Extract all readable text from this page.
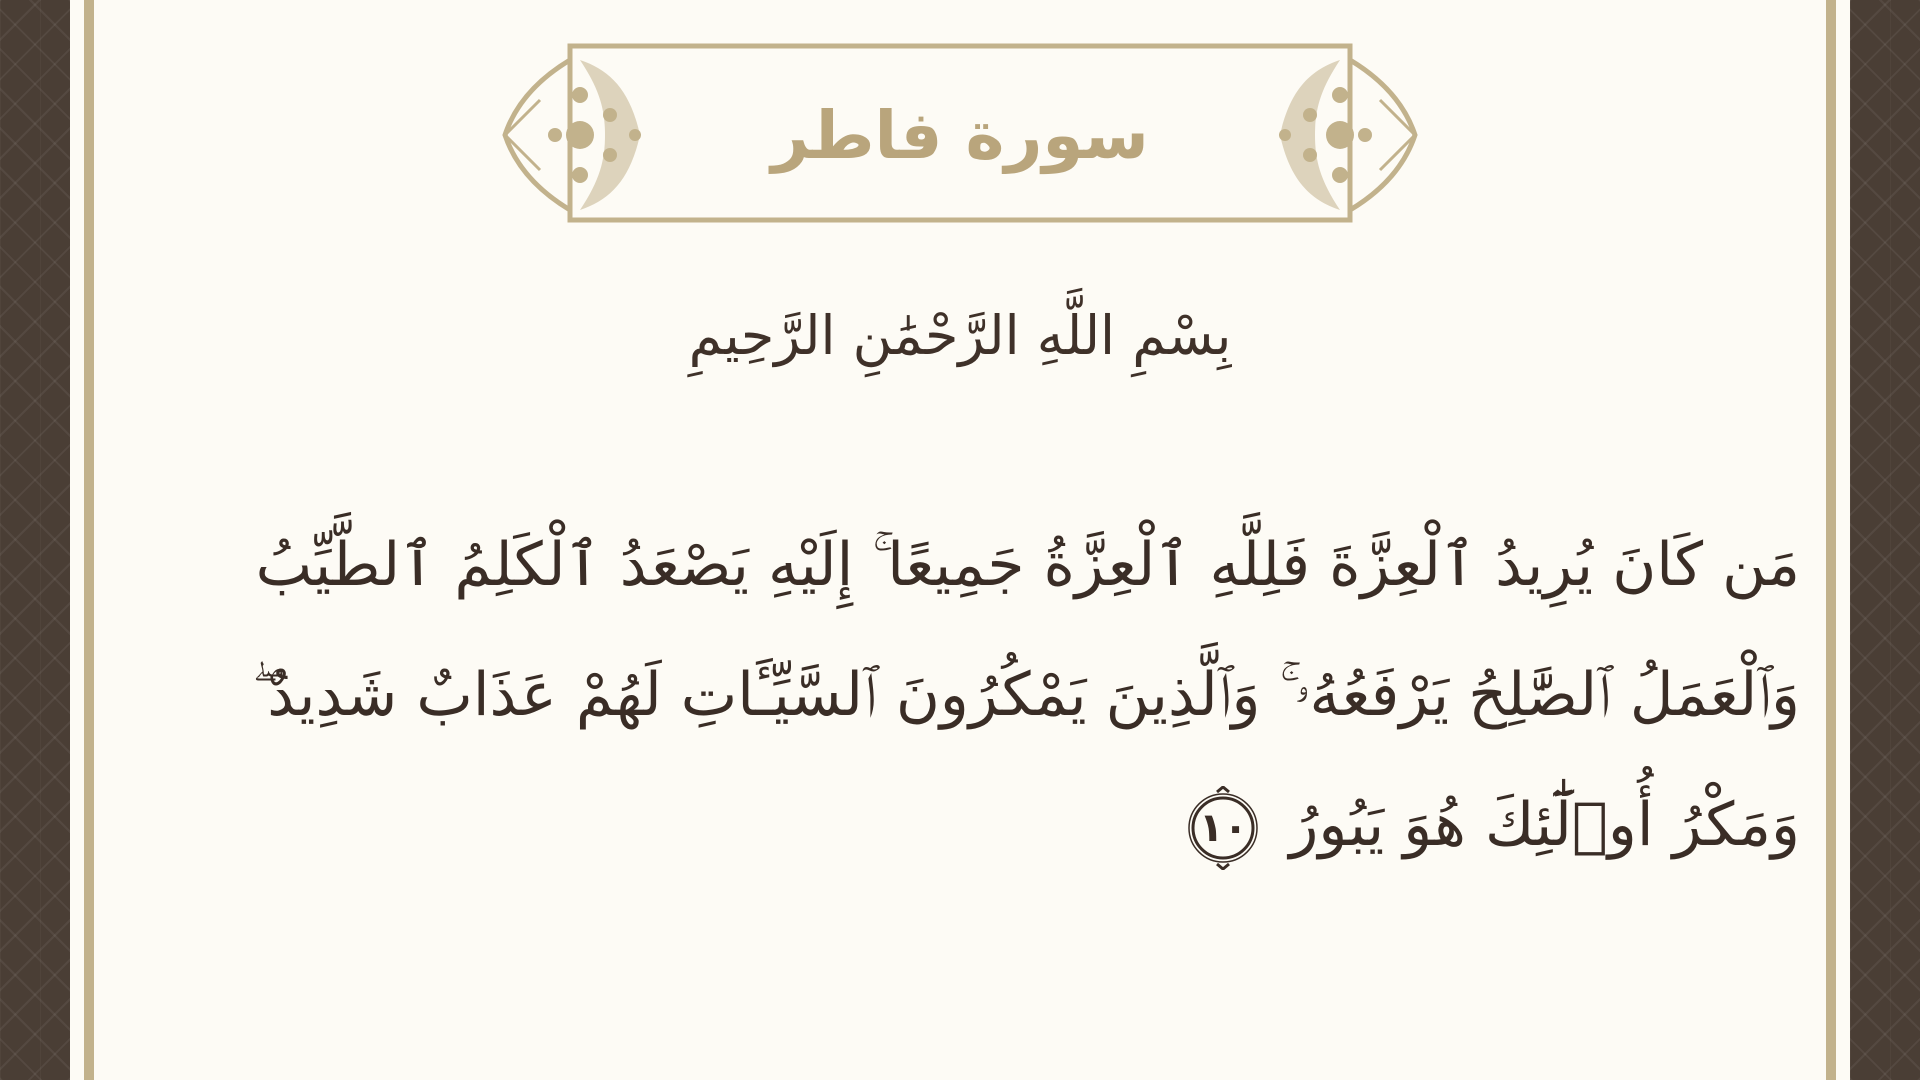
سورة فاطر
بِسْمِ اللَّهِ الرَّحْمَٰنِ الرَّحِيمِ
مَن كَانَ يُرِيدُ ٱلْعِزَّةَ فَلِلَّهِ ٱلْعِزَّةُ جَمِيعًا ۚ إِلَيْهِ يَصْعَدُ ٱلْكَلِمُ ٱلطَّيِّبُ
وَٱلْعَمَلُ ٱلصَّٰلِحُ يَرْفَعُهُۥ ۚ وَٱلَّذِينَ يَمْكُرُونَ ٱلسَّيِّـَٔاتِ لَهُمْ عَذَابٌ شَدِيدٌ ۖ
وَمَكْرُ أُو۟لَٰٓئِكَ هُوَ يَبُورُ
١٠
